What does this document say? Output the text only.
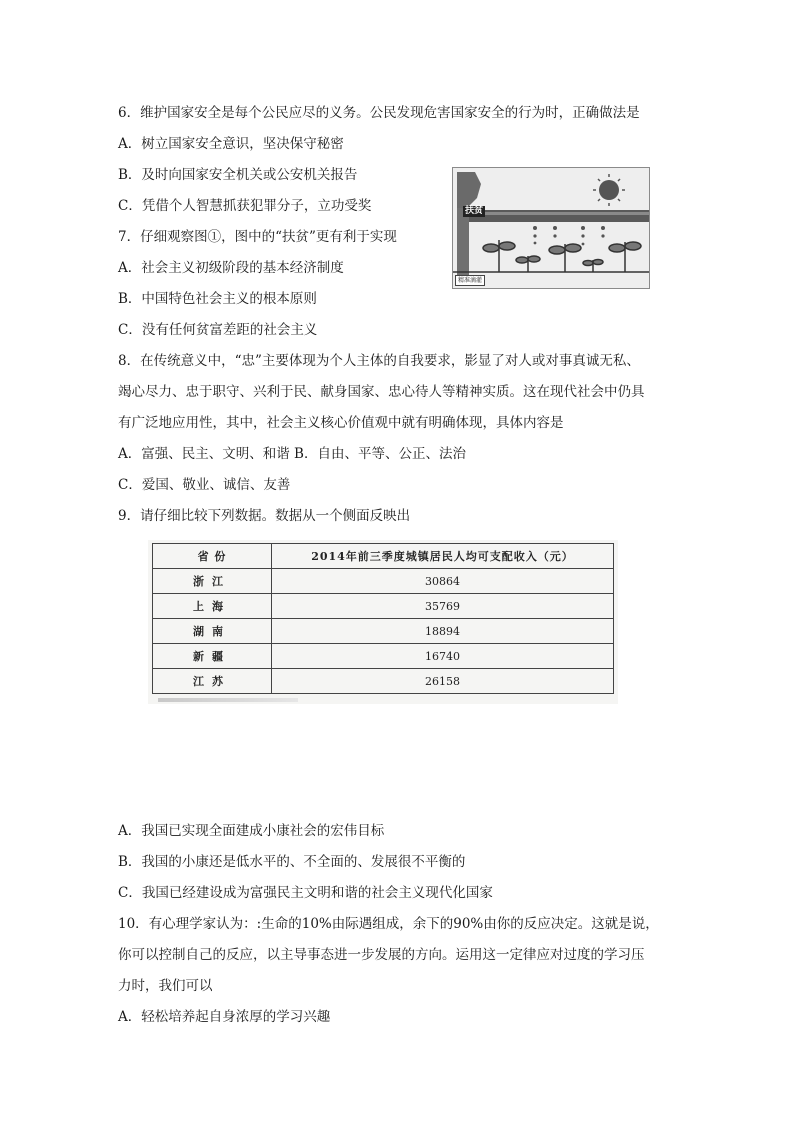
6．维护国家安全是每个公民应尽的义务。公民发现危害国家安全的行为时，正确做法是
A．树立国家安全意识，坚决保守秘密
B．及时向国家安全机关或公安机关报告
C．凭借个人智慧抓获犯罪分子，立功受奖
7．仔细观察图①，图中的“扶贫”更有利于实现
A．社会主义初级阶段的基本经济制度
B．中国特色社会主义的根本原则
C．没有任何贫富差距的社会主义
扶贫
精准滴灌
8．在传统意义中，“忠”主要体现为个人主体的自我要求，影显了对人或对事真诚无私、
竭心尽力、忠于职守、兴利于民、献身国家、忠心待人等精神实质。这在现代社会中仍具
有广泛地应用性，其中，社会主义核心价值观中就有明确体现，具体内容是
A．富强、民主、文明、和谐 B．自由、平等、公正、法治
C．爱国、敬业、诚信、友善
9．请仔细比较下列数据。数据从一个侧面反映出
省 份	2014年前三季度城镇居民人均可支配收入（元）
浙江	30864
上海	35769
湖南	18894
新疆	16740
江苏	26158
A．我国已实现全面建成小康社会的宏伟目标
B．我国的小康还是低水平的、不全面的、发展很不平衡的
C．我国已经建设成为富强民主文明和谐的社会主义现代化国家
10．有心理学家认为：:生命的10%由际遇组成，余下的90%由你的反应决定。这就是说，
你可以控制自己的反应，以主导事态进一步发展的方向。运用这一定律应对过度的学习压
力时，我们可以
A．轻松培养起自身浓厚的学习兴趣
